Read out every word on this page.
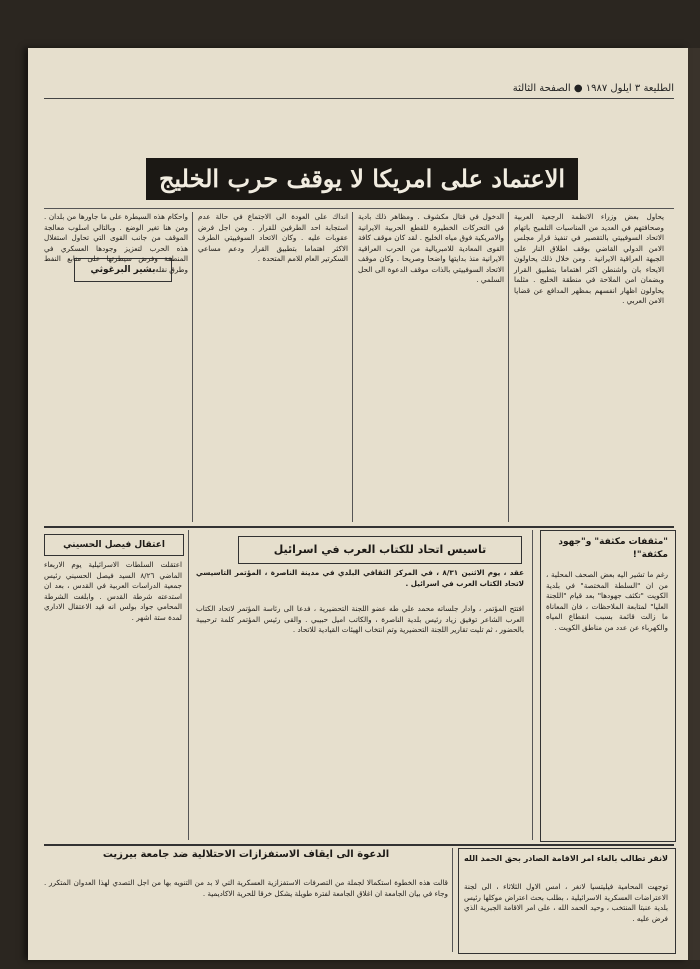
الطليعة ٣ ايلول ١٩٨٧ ● الصفحة الثالثة
الاعتماد على امريكا لا يوقف حرب الخليج
يحاول بعض وزراء الانظمة الرجعية العربية وصحافتهم في العديد من المناسبات التلميح باتهام الاتحاد السوفييتي بالتقصير في تنفيذ قرار مجلس الامن الدولي القاضي بوقف اطلاق النار على الجبهة العراقية الايرانية . ومن خلال ذلك يحاولون الايحاء بان واشنطن اكثر اهتماما بتطبيق القرار وبضمان امن الملاحة في منطقة الخليج . مثلما يحاولون اظهار انفسهم بمظهر المدافع عن قضايا الامن العربي .
الدخول في قتال مكشوف . ومظاهر ذلك بادية في التحركات الخطيرة للقطع الحربية الايرانية والامريكية فوق مياه الخليج . لقد كان موقف كافة القوى المعادية للامبريالية من الحرب العراقية الايرانية منذ بدايتها واضحا وصريحا . وكان موقف الاتحاد السوفييتي بالذات موقف الدعوة الى الحل السلمي .
انداك على العودة الى الاجتماع في حالة عدم استجابة احد الطرفين للقرار . ومن اجل فرض عقوبات عليه . وكان الاتحاد السوفييتي الطرف الاكثر اهتماما بتطبيق القرار ودعم مساعي السكرتير العام للامم المتحدة .
بشير البرغوثي
واحكام هذه السيطرة على ما جاورها من بلدان . ومن هنا تغير الوضع . وبالتالي اسلوب معالجة الموقف من جانب القوى التي تحاول استغلال هذه الحرب لتعزيز وجودها العسكري في المنطقة وفرض سيطرتها على منابع النفط وطرق نقله .
تاسيس اتحاد للكتاب العرب في اسرائيل
عقد ، يوم الاثنين ٨/٣١ ، في المركز الثقافي البلدي في مدينة الناصرة ، المؤتمر التاسيسي لاتحاد الكتاب العرب في اسرائيل .
افتتح المؤتمر ، وادار جلساته محمد علي طه عضو اللجنة التحضيرية ، فدعا الى رئاسة المؤتمر لاتحاد الكتاب العرب الشاعر توفيق زياد رئيس بلدية الناصرة ، والكاتب اميل حبيبي . والقى رئيس المؤتمر كلمة ترحيبية بالحضور ، ثم تليت تقارير اللجنة التحضيرية وتم انتخاب الهيئات القيادية للاتحاد .
"مثقفات مكثفة" و"جهود مكثفة"!
رغم ما تشير اليه بعض الصحف المحلية ، من ان "السلطة المختصة" في بلدية الكويت "تكثف جهودها" بعد قيام "اللجنة العليا" لمتابعة الملاحظات ، فان المعاناة ما زالت قائمة بسبب انقطاع المياه والكهرباء عن عدد من مناطق الكويت .
اعتقال فيصل الحسيني
اعتقلت السلطات الاسرائيلية يوم الاربعاء الماضي ٨/٢٦ السيد فيصل الحسيني رئيس جمعية الدراسات العربية في القدس ، بعد ان استدعته شرطة القدس . وابلغت الشرطة المحامي جواد بولس انه قيد الاعتقال الاداري لمدة ستة اشهر .
لانقر تطالب بالغاء امر الاقامة الصادر بحق الحمد الله
توجهت المحامية فيليتسيا لانغر ، امس الاول الثلاثاء ، الى لجنة الاعتراضات العسكرية الاسرائيلية ، بطلب بحث اعتراض موكلها رئيس بلدية عنبتا المنتخب ، وحيد الحمد الله ، على امر الاقامة الجبرية الذي فرض عليه .
الدعوة الى ايقاف الاستفزازات الاحتلالية ضد جامعة بيرزيت
قالت هذه الخطوة استكمالا لجملة من التصرفات الاستفزازية العسكرية التي لا بد من التنويه بها من اجل التصدي لهذا العدوان المتكرر . وجاء في بيان الجامعة ان اغلاق الجامعة لفترة طويلة يشكل خرقا للحرية الاكاديمية .
